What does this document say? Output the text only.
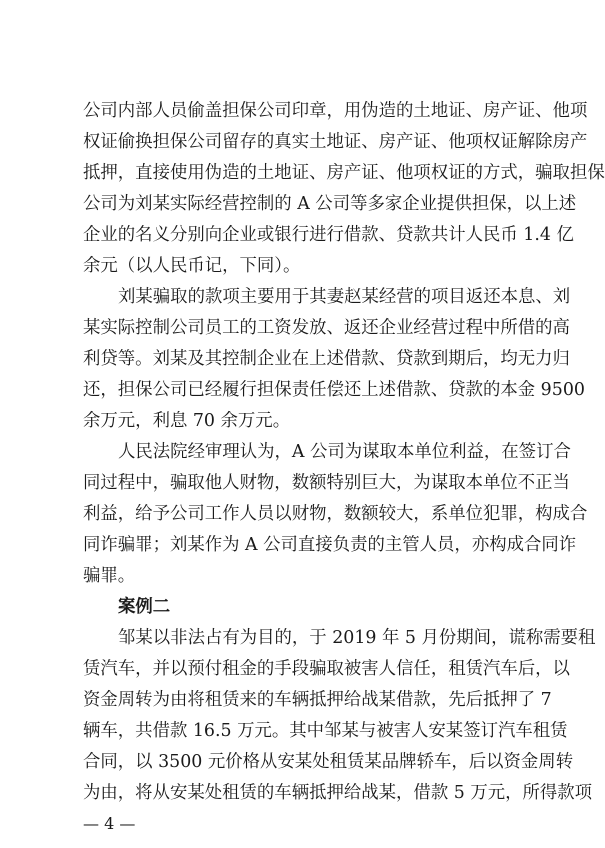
公司内部人员偷盖担保公司印章，用伪造的土地证、房产证、他项
权证偷换担保公司留存的真实土地证、房产证、他项权证解除房产
抵押，直接使用伪造的土地证、房产证、他项权证的方式，骗取担保
公司为刘某实际经营控制的 A 公司等多家企业提供担保，以上述
企业的名义分别向企业或银行进行借款、贷款共计人民币 1.4 亿
余元（以人民币记，下同）。
刘某骗取的款项主要用于其妻赵某经营的项目返还本息、刘
某实际控制公司员工的工资发放、返还企业经营过程中所借的高
利贷等。刘某及其控制企业在上述借款、贷款到期后，均无力归
还，担保公司已经履行担保责任偿还上述借款、贷款的本金 9500
余万元，利息 70 余万元。
人民法院经审理认为，A 公司为谋取本单位利益，在签订合
同过程中，骗取他人财物，数额特别巨大，为谋取本单位不正当
利益，给予公司工作人员以财物，数额较大，系单位犯罪，构成合
同诈骗罪；刘某作为 A 公司直接负责的主管人员，亦构成合同诈
骗罪。
案例二
邹某以非法占有为目的，于 2019 年 5 月份期间，谎称需要租
赁汽车，并以预付租金的手段骗取被害人信任，租赁汽车后，以
资金周转为由将租赁来的车辆抵押给战某借款，先后抵押了 7
辆车，共借款 16.5 万元。其中邹某与被害人安某签订汽车租赁
合同，以 3500 元价格从安某处租赁某品牌轿车，后以资金周转
为由，将从安某处租赁的车辆抵押给战某，借款 5 万元，所得款项
— 4 —
